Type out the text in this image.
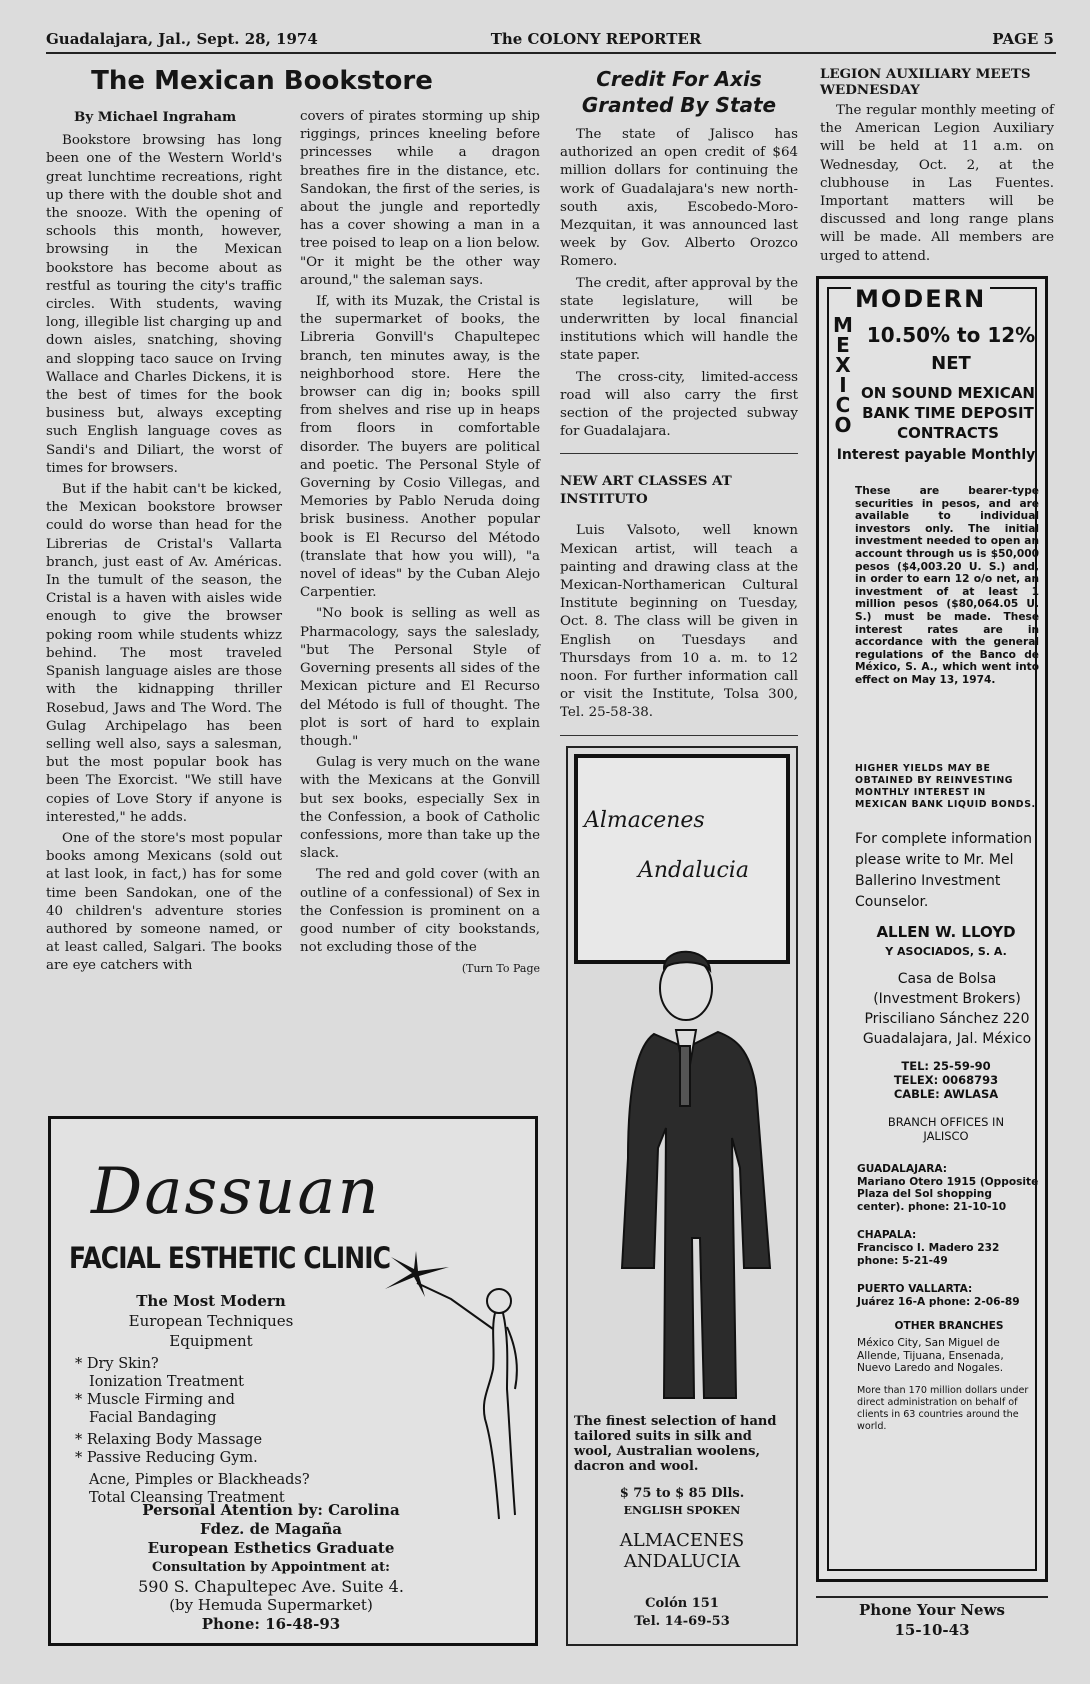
Guadalajara, Jal., Sept. 28, 1974	The COLONY REPORTER	PAGE 5
The Mexican Bookstore
By Michael Ingraham

Bookstore browsing has long been one of the Western World's great lunchtime recreations, right up there with the double shot and the snooze. With the opening of schools this month, however, browsing in the Mexican bookstore has become about as restful as touring the city's traffic circles. With students, waving long, illegible list charging up and down aisles, snatching, shoving and slopping taco sauce on Irving Wallace and Charles Dickens, it is the best of times for the book business but, always excepting such English language coves as Sandi's and Diliart, the worst of times for browsers.

But if the habit can't be kicked, the Mexican bookstore browser could do worse than head for the Librerias de Cristal's Vallarta branch, just east of Av. Américas. In the tumult of the season, the Cristal is a haven with aisles wide enough to give the browser poking room while students whizz behind. The most traveled Spanish language aisles are those with the kidnapping thriller Rosebud, Jaws and The Word. The Gulag Archipelago has been selling well also, says a salesman, but the most popular book has been The Exorcist. "We still have copies of Love Story if anyone is interested," he adds.

One of the store's most popular books among Mexicans (sold out at last look, in fact,) has for some time been Sandokan, one of the 40 children's adventure stories authored by someone named, or at least called, Salgari. The books are eye catchers with

covers of pirates storming up ship riggings, princes kneeling before princesses while a dragon breathes fire in the distance, etc. Sandokan, the first of the series, is about the jungle and reportedly has a cover showing a man in a tree poised to leap on a lion below. "Or it might be the other way around," the saleman says.

If, with its Muzak, the Cristal is the supermarket of books, the Libreria Gonvill's Chapultepec branch, ten minutes away, is the neighborhood store. Here the browser can dig in; books spill from shelves and rise up in heaps from floors in comfortable disorder. The buyers are political and poetic. The Personal Style of Governing by Cosio Villegas, and Memories by Pablo Neruda doing brisk business. Another popular book is El Recurso del Método (translate that how you will), "a novel of ideas" by the Cuban Alejo Carpentier.

"No book is selling as well as Pharmacology, says the saleslady, "but The Personal Style of Governing presents all sides of the Mexican picture and El Recurso del Método is full of thought. The plot is sort of hard to explain though."

Gulag is very much on the wane with the Mexicans at the Gonvill but sex books, especially Sex in the Confession, a book of Catholic confessions, more than take up the slack.

The red and gold cover (with an outline of a confessional) of Sex in the Confession is prominent on a good number of city bookstands, not excluding those of the

(Turn To Page
Credit For Axis Granted By State

The state of Jalisco has authorized an open credit of $64 million dollars for continuing the work of Guadalajara's new north-south axis, Escobedo-Moro-Mezquitan, it was announced last week by Gov. Alberto Orozco Romero.

The credit, after approval by the state legislature, will be underwritten by local financial institutions which will handle the state paper.

The cross-city, limited-access road will also carry the first section of the projected subway for Guadalajara.

NEW ART CLASSES AT INSTITUTO

Luis Valsoto, well known Mexican artist, will teach a painting and drawing class at the Mexican-Northamerican Cultural Institute beginning on Tuesday, Oct. 8. The class will be given in English on Tuesdays and Thursdays from 10 a. m. to 12 noon. For further information call or visit the Institute, Tolsa 300, Tel. 25-58-38.

LEGION AUXILIARY MEETS WEDNESDAY

The regular monthly meeting of the American Legion Auxiliary will be held at 11 a.m. on Wednesday, Oct. 2, at the clubhouse in Las Fuentes. Important matters will be discussed and long range plans will be made. All members are urged to attend.

Dassuan
FACIAL ESTHETIC CLINIC
The Most Modern
European Techniques
Equipment
* Dry Skin?
Ionization Treatment
* Muscle Firming and
Facial Bandaging
* Relaxing Body Massage
* Passive Reducing Gym.
Acne, Pimples or Blackheads?
Total Cleansing Treatment
Personal Atention by: Carolina
Fdez. de Magaña
European Esthetics Graduate
Consultation by Appointment at:
590 S. Chapultepec Ave. Suite 4.
(by Hemuda Supermarket)
Phone: 16-48-93
Almacenes
Andalucia
The finest selection of hand tailored suits in silk and wool, Australian woolens, dacron and wool.
$ 75 to $ 85 Dlls.
ENGLISH SPOKEN
ALMACENES
ANDALUCIA
Colón 151
Tel. 14-69-53
MODERN
MEXICO
10.50% to 12%
NET
ON SOUND MEXICAN BANK TIME DEPOSIT CONTRACTS
Interest payable Monthly
These are bearer-type securities in pesos, and are available to individual investors only. The initial investment needed to open an account through us is $50,000 pesos ($4,003.20 U. S.) and, in order to earn 12 o/o net, an investment of at least 1 million pesos ($80,064.05 U. S.) must be made. These interest rates are in accordance with the general regulations of the Banco de México, S. A., which went into effect on May 13, 1974.
HIGHER YIELDS MAY BE OBTAINED BY REINVESTING MONTHLY INTEREST IN MEXICAN BANK LIQUID BONDS.
For complete information please write to Mr. Mel Ballerino Investment Counselor.
ALLEN W. LLOYD
Y ASOCIADOS, S. A.
Casa de Bolsa
(Investment Brokers)
Prisciliano Sánchez 220
Guadalajara, Jal. México
TEL: 25-59-90
TELEX: 0068793
CABLE: AWLASA
BRANCH OFFICES IN JALISCO
GUADALAJARA:
Mariano Otero 1915 (Opposite Plaza del Sol shopping center). phone: 21-10-10
CHAPALA:
Francisco I. Madero 232 phone: 5-21-49
PUERTO VALLARTA:
Juárez 16-A phone: 2-06-89
OTHER BRANCHES
México City, San Miguel de Allende, Tijuana, Ensenada, Nuevo Laredo and Nogales.
More than 170 million dollars under direct administration on behalf of clients in 63 countries around the world.
Phone Your News
15-10-43
